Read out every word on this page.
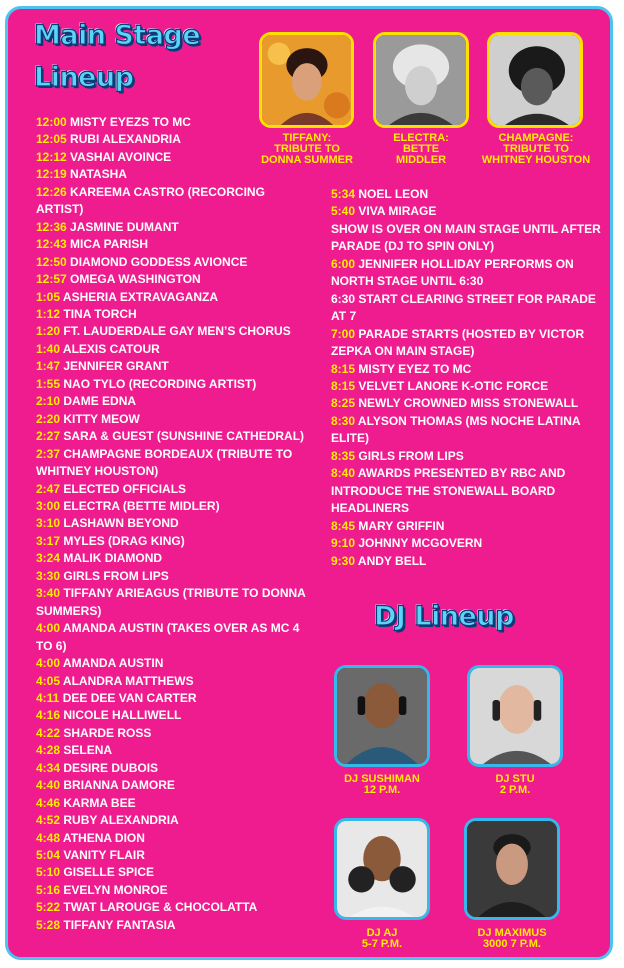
Main Stage
Lineup
TIFFANY:
TRIBUTE TO
DONNA SUMMER
ELECTRA:
BETTE
MIDDLER
CHAMPAGNE:
TRIBUTE TO
WHITNEY HOUSTON
12:00 MISTY EYEZS TO MC
12:05 RUBI ALEXANDRIA
12:12 VASHAI AVOINCE
12:19 NATASHA
12:26 KAREEMA CASTRO (RECORCING ARTIST)
12:36 JASMINE DUMANT
12:43 MICA PARISH
12:50 DIAMOND GODDESS AVIONCE
12:57 OMEGA WASHINGTON
1:05 ASHERIA EXTRAVAGANZA
1:12 TINA TORCH
1:20 FT. LAUDERDALE GAY MEN’S CHORUS
1:40 ALEXIS CATOUR
1:47 JENNIFER GRANT
1:55 NAO TYLO (RECORDING ARTIST)
2:10 DAME EDNA
2:20 KITTY MEOW
2:27 SARA & GUEST (SUNSHINE CATHEDRAL)
2:37 CHAMPAGNE BORDEAUX (TRIBUTE TO WHITNEY HOUSTON)
2:47 ELECTED OFFICIALS
3:00 ELECTRA (BETTE MIDLER)
3:10 LASHAWN BEYOND
3:17 MYLES (DRAG KING)
3:24 MALIK DIAMOND
3:30 GIRLS FROM LIPS
3:40 TIFFANY ARIEAGUS (TRIBUTE TO DONNA SUMMERS)
4:00 AMANDA AUSTIN (TAKES OVER AS MC 4 TO 6)
4:00 AMANDA AUSTIN
4:05 ALANDRA MATTHEWS
4:11 DEE DEE VAN CARTER
4:16 NICOLE HALLIWELL
4:22 SHARDE ROSS
4:28 SELENA
4:34 DESIRE DUBOIS
4:40 BRIANNA DAMORE
4:46 KARMA BEE
4:52 RUBY ALEXANDRIA
4:48 ATHENA DION
5:04 VANITY FLAIR
5:10 GISELLE SPICE
5:16 EVELYN MONROE
5:22 TWAT LAROUGE & CHOCOLATTA
5:28 TIFFANY FANTASIA
5:34 NOEL LEON
5:40 VIVA MIRAGE
SHOW IS OVER ON MAIN STAGE UNTIL AFTER PARADE (DJ TO SPIN ONLY)
6:00 JENNIFER HOLLIDAY PERFORMS ON NORTH STAGE UNTIL 6:30
6:30 START CLEARING STREET FOR PARADE AT 7
7:00 PARADE STARTS (HOSTED BY VICTOR ZEPKA ON MAIN STAGE)
8:15 MISTY EYEZ TO MC
8:15 VELVET LANORE K-OTIC FORCE
8:25 NEWLY CROWNED MISS STONEWALL
8:30 ALYSON THOMAS (MS NOCHE LATINA ELITE)
8:35 GIRLS FROM LIPS
8:40 AWARDS PRESENTED BY RBC AND INTRODUCE THE STONEWALL BOARD HEADLINERS
8:45 MARY GRIFFIN
9:10 JOHNNY MCGOVERN
9:30 ANDY BELL
DJ Lineup
DJ SUSHIMAN
12 P.M.
DJ STU
2 P.M.
DJ AJ
5-7 P.M.
DJ MAXIMUS
3000 7 P.M.
